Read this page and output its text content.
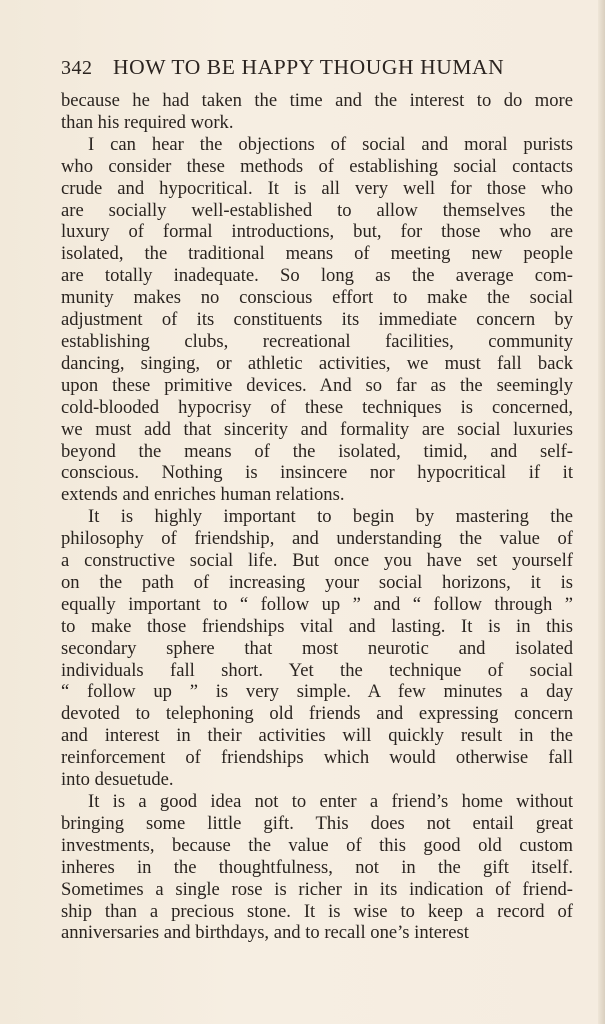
342 HOW TO BE HAPPY THOUGH HUMAN

because he had taken the time and the interest to do more
than his required work.

I can hear the objections of social and moral purists
who consider these methods of establishing social contacts
crude and hypocritical. It is all very well for those who
are socially well-established to allow themselves the
luxury of formal introductions, but, for those who are
isolated, the traditional means of meeting new people
are totally inadequate. So long as the average com-
munity makes no conscious effort to make the social
adjustment of its constituents its immediate concern by
establishing clubs, recreational facilities, community
dancing, singing, or athletic activities, we must fall back
upon these primitive devices. And so far as the seemingly
cold-blooded hypocrisy of these techniques is concerned,
we must add that sincerity and formality are social luxuries
beyond the means of the isolated, timid, and self-
conscious. Nothing is insincere nor hypocritical if it
extends and enriches human relations.

It is highly important to begin by mastering the
philosophy of friendship, and understanding the value of
a constructive social life. But once you have set yourself
on the path of increasing your social horizons, it is
equally important to “ follow up ” and “ follow through ”
to make those friendships vital and lasting. It is in this
secondary sphere that most neurotic and isolated
individuals fall short. Yet the technique of social
“ follow up ” is very simple. A few minutes a day
devoted to telephoning old friends and expressing concern
and interest in their activities will quickly result in the
reinforcement of friendships which would otherwise fall
into desuetude.

It is a good idea not to enter a friend’s home without
bringing some little gift. This does not entail great
investments, because the value of this good old custom
inheres in the thoughtfulness, not in the gift itself.
Sometimes a single rose is richer in its indication of friend-
ship than a precious stone. It is wise to keep a record of
anniversaries and birthdays, and to recall one’s interest
